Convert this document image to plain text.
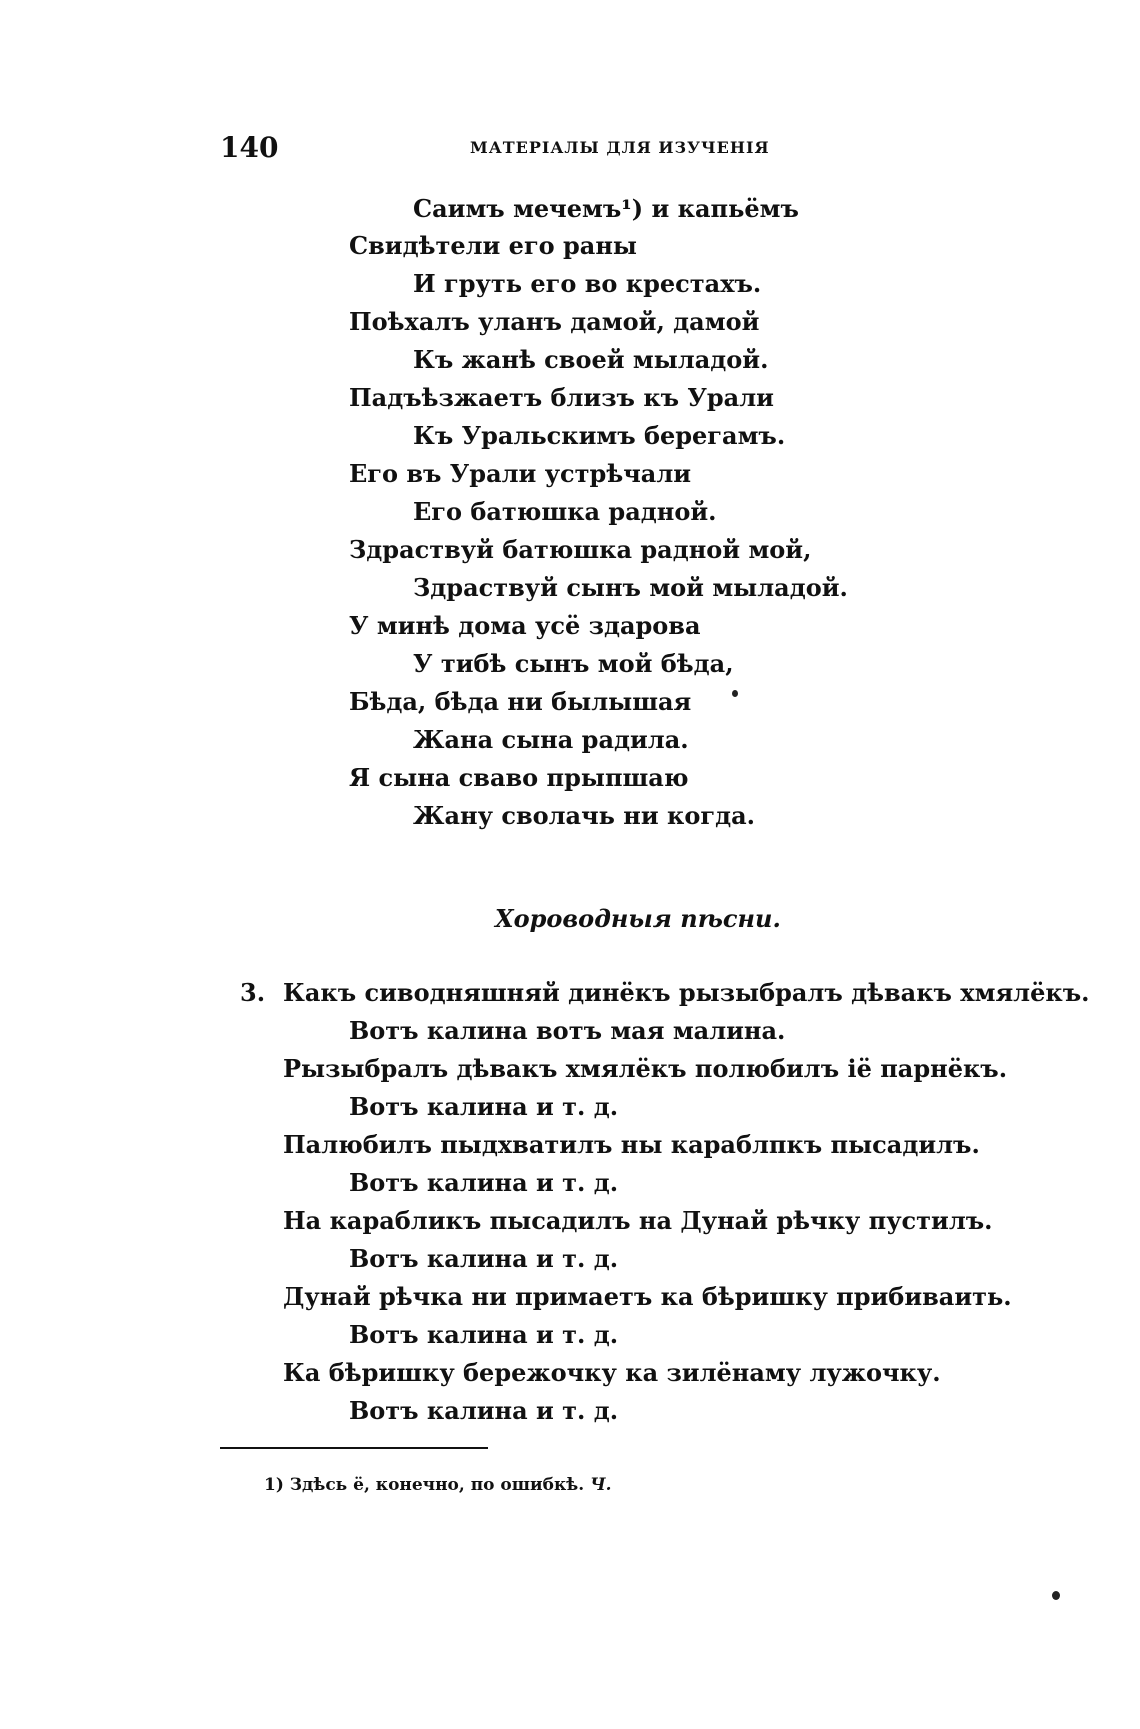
140	МАТЕРІАЛЫ ДЛЯ ИЗУЧЕНІЯ
Саимъ мечемъ¹) и капьёмъ
Свидѣтели его раны
И груть его во крестахъ.
Поѣхалъ уланъ дамой, дамой
Къ жанѣ своей мыладой.
Падъѣзжаетъ близъ къ Урали
Къ Уральскимъ берегамъ.
Его въ Урали устрѣчали
Его батюшка радной.
Здраствуй батюшка радной мой,
Здраствуй сынъ мой мыладой.
У минѣ дома усё здарова
У тибѣ сынъ мой бѣда,
Бѣда, бѣда ни былышая
Жана сына радила.
Я сына сваво прыпшаю
Жану сволачь ни когда.
Хороводныя пѣсни.
3. Какъ сиводняшняй динёкъ рызыбралъ дѣвакъ хмялёкъ.
Вотъ калина вотъ мая малина.
Рызыбралъ дѣвакъ хмялёкъ полюбилъ іё парнёкъ.
Вотъ калина и т. д.
Палюбилъ пыдхватилъ ны караблпкъ пысадилъ.
Вотъ калина и т. д.
На карабликъ пысадилъ на Дунай рѣчку пустилъ.
Вотъ калина и т. д.
Дунай рѣчка ни примаетъ ка бѣришку прибиваить.
Вотъ калина и т. д.
Ка бѣришку бережочку ка зилёнаму лужочку.
Вотъ калина и т. д.
1) Здѣсь ё, конечно, по ошибкѣ. Ч.
